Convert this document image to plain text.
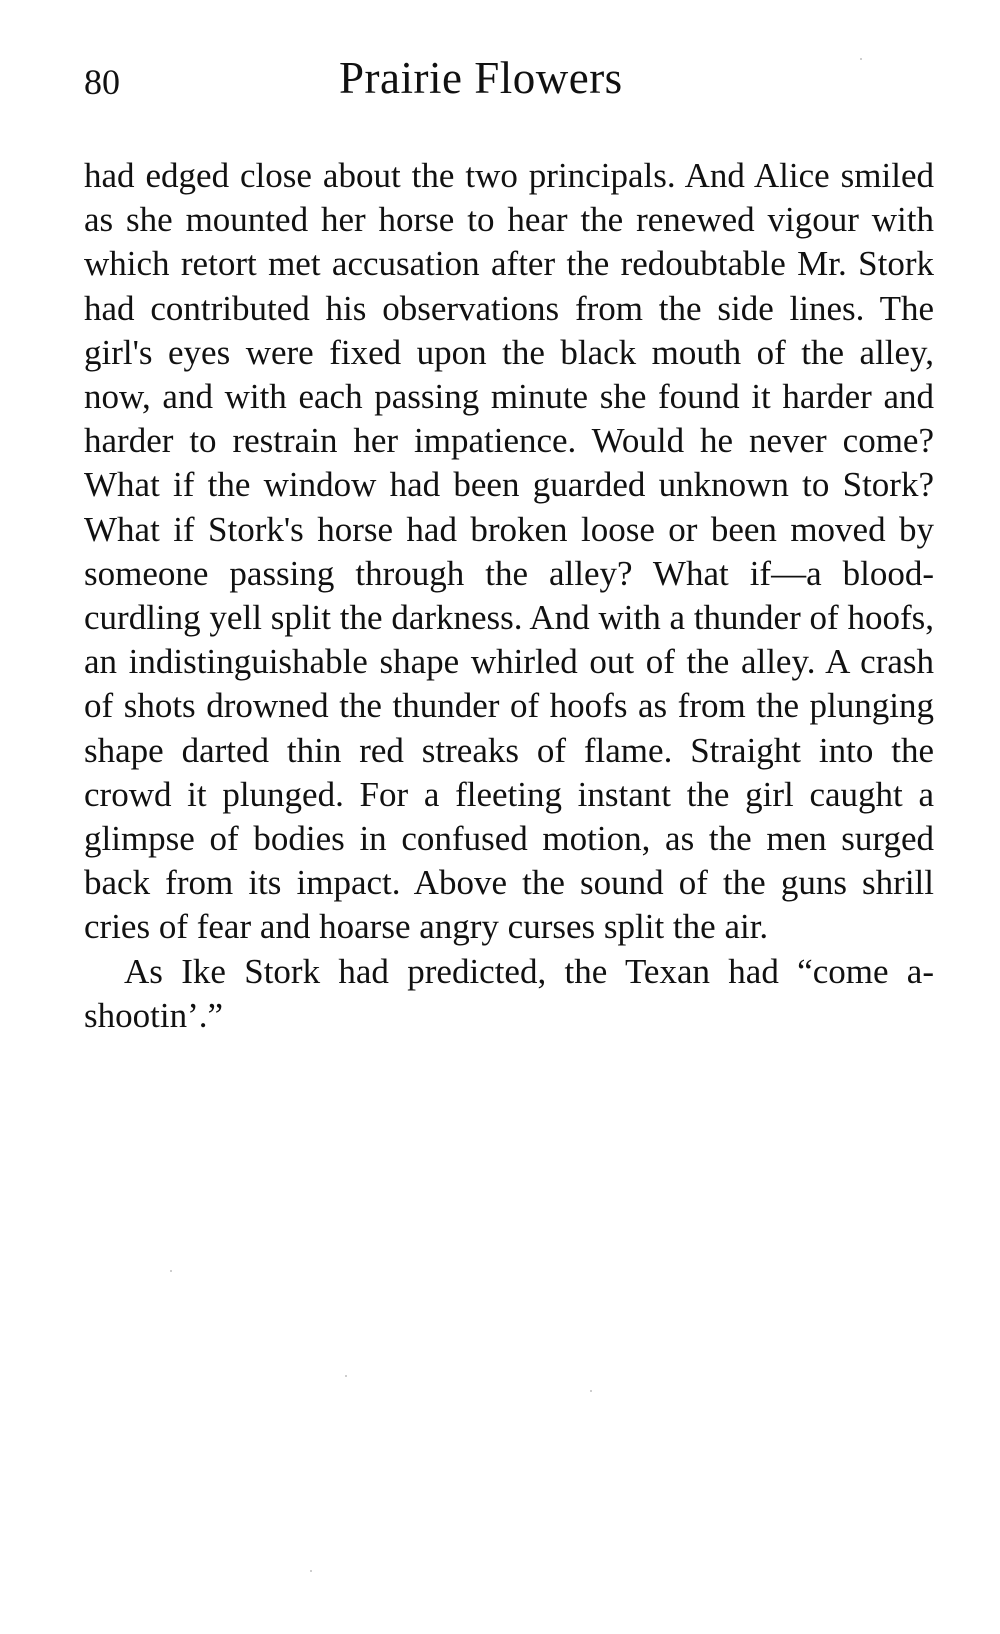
80	Prairie Flowers

had edged close about the two principals. And Alice smiled as she mounted her horse to hear the renewed vigour with which retort met accusation after the redoubtable Mr. Stork had contributed his observations from the side lines. The girl's eyes were fixed upon the black mouth of the alley, now, and with each passing minute she found it harder and harder to restrain her impatience. Would he never come? What if the window had been guarded unknown to Stork? What if Stork's horse had broken loose or been moved by someone passing through the alley? What if—a blood-curdling yell split the darkness. And with a thunder of hoofs, an indistinguishable shape whirled out of the alley. A crash of shots drowned the thunder of hoofs as from the plunging shape darted thin red streaks of flame. Straight into the crowd it plunged. For a fleeting instant the girl caught a glimpse of bodies in confused motion, as the men surged back from its impact. Above the sound of the guns shrill cries of fear and hoarse angry curses split the air.

As Ike Stork had predicted, the Texan had “come a-shootin’.”
